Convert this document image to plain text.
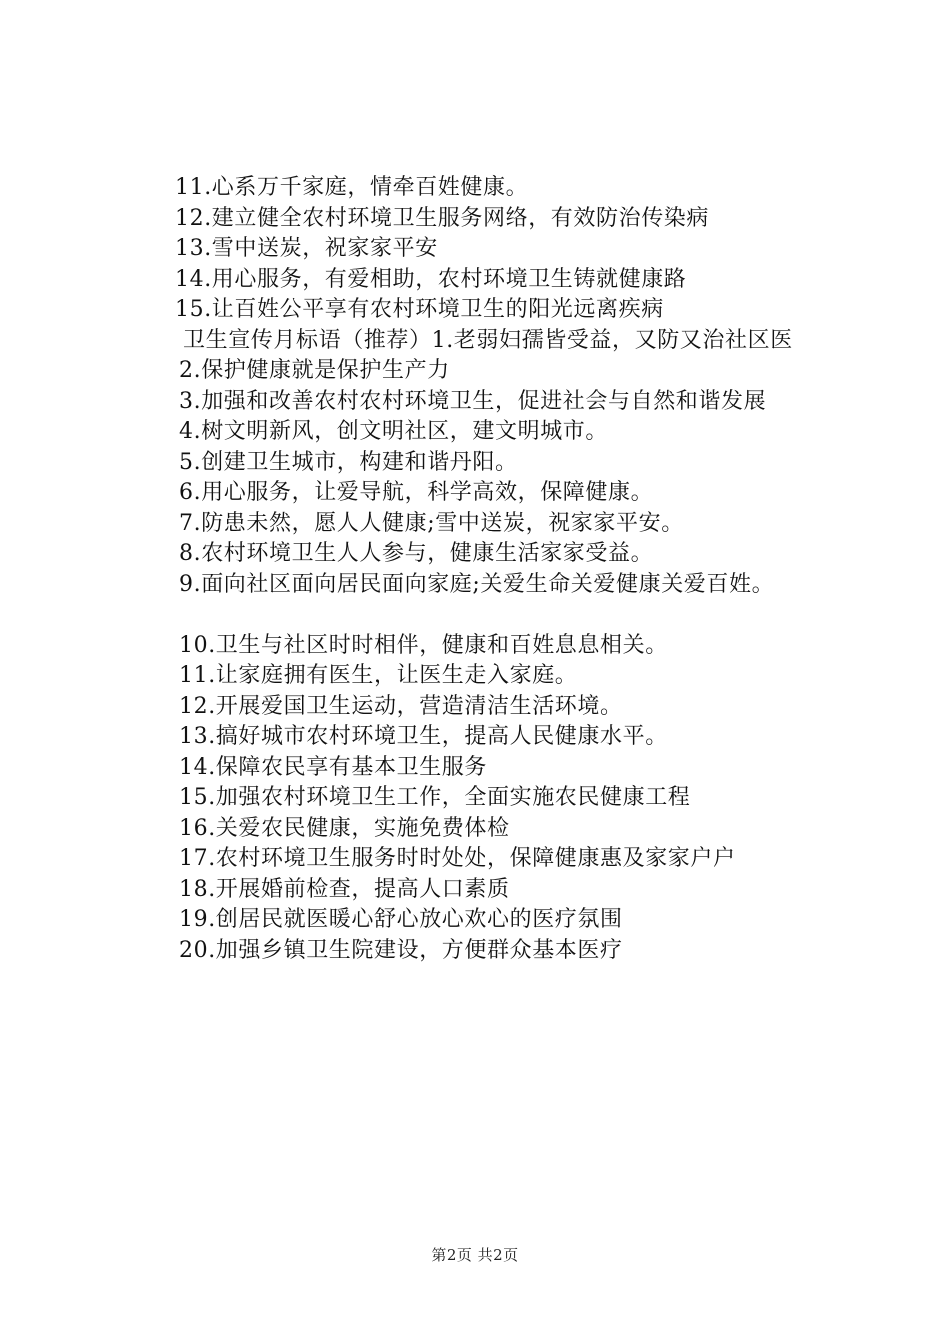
11.心系万千家庭，情牵百姓健康。
12.建立健全农村环境卫生服务网络，有效防治传染病
13.雪中送炭，祝家家平安
14.用心服务，有爱相助，农村环境卫生铸就健康路
15.让百姓公平享有农村环境卫生的阳光远离疾病
卫生宣传月标语（推荐）1.老弱妇孺皆受益，又防又治社区医
2.保护健康就是保护生产力
3.加强和改善农村农村环境卫生，促进社会与自然和谐发展
4.树文明新风，创文明社区，建文明城市。
5.创建卫生城市，构建和谐丹阳。
6.用心服务，让爱导航，科学高效，保障健康。
7.防患未然，愿人人健康;雪中送炭，祝家家平安。
8.农村环境卫生人人参与，健康生活家家受益。
9.面向社区面向居民面向家庭;关爱生命关爱健康关爱百姓。
10.卫生与社区时时相伴，健康和百姓息息相关。
11.让家庭拥有医生，让医生走入家庭。
12.开展爱国卫生运动，营造清洁生活环境。
13.搞好城市农村环境卫生，提高人民健康水平。
14.保障农民享有基本卫生服务
15.加强农村环境卫生工作，全面实施农民健康工程
16.关爱农民健康，实施免费体检
17.农村环境卫生服务时时处处，保障健康惠及家家户户
18.开展婚前检查，提高人口素质
19.创居民就医暖心舒心放心欢心的医疗氛围
20.加强乡镇卫生院建设，方便群众基本医疗
第2页 共2页
